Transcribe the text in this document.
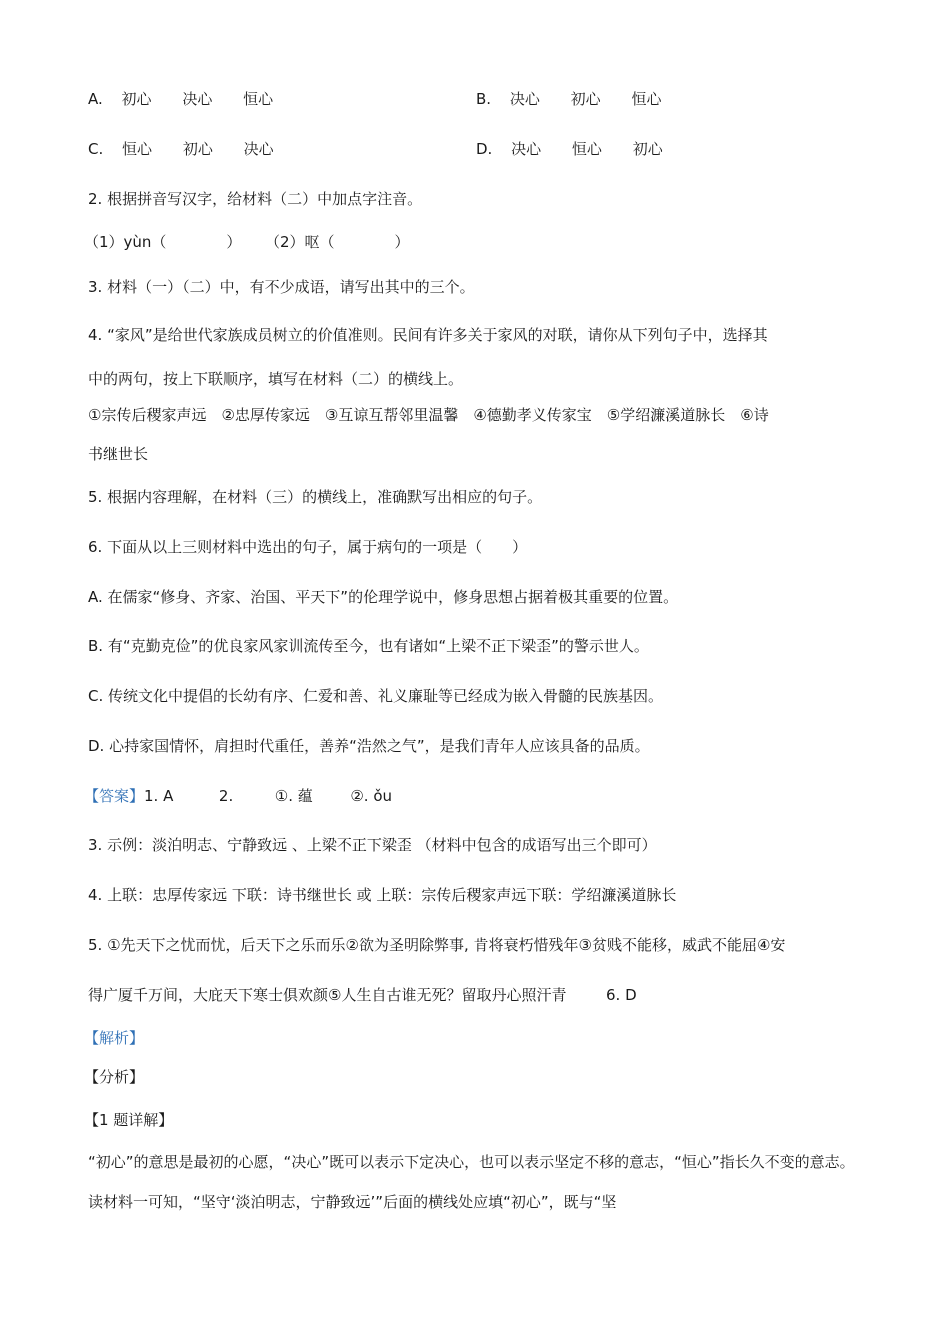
A. 初心 决心 恒心	B. 决心 初心 恒心
C. 恒心 初心 决心	D. 决心 恒心 初心
2. 根据拼音写汉字，给材料（二）中加点字注音。
（1）yùn（　　　　） （2）呕（　　　　）
3. 材料（一）（二）中，有不少成语，请写出其中的三个。
4. “家风”是给世代家族成员树立的价值准则。民间有许多关于家风的对联，请你从下列句子中，选择其
中的两句，按上下联顺序，填写在材料（二）的横线上。
①宗传后稷家声远　②忠厚传家远　③互谅互帮邻里温馨　④德勤孝义传家宝　⑤学绍濂溪道脉长　⑥诗
书继世长
5. 根据内容理解，在材料（三）的横线上，准确默写出相应的句子。
6. 下面从以上三则材料中选出的句子，属于病句的一项是（　　）
A. 在儒家“修身、齐家、治国、平天下”的伦理学说中，修身思想占据着极其重要的位置。
B. 有“克勤克俭”的优良家风家训流传至今，也有诸如“上梁不正下梁歪”的警示世人。
C. 传统文化中提倡的长幼有序、仁爱和善、礼义廉耻等已经成为嵌入骨髓的民族基因。
D. 心持家国情怀，肩担时代重任，善养“浩然之气”，是我们青年人应该具备的品质。
【答案】1. A	2.	①. 蕴	②. ǒu
3. 示例：淡泊明志、宁静致远 、上梁不正下梁歪 （材料中包含的成语写出三个即可）
4. 上联：忠厚传家远 下联：诗书继世长 或 上联：宗传后稷家声远下联：学绍濂溪道脉长
5. ①先天下之忧而忧，后天下之乐而乐②欲为圣明除弊事, 肯将衰朽惜残年③贫贱不能移，威武不能屈④安
得广厦千万间，大庇天下寒士俱欢颜⑤人生自古谁无死？留取丹心照汗青	6. D
【解析】
【分析】
【1 题详解】
“初心”的意思是最初的心愿，“决心”既可以表示下定决心，也可以表示坚定不移的意志，“恒心”指长久不变的意志。读材料一可知，“坚守‘淡泊明志，宁静致远’”后面的横线处应填“初心”，既与“坚
